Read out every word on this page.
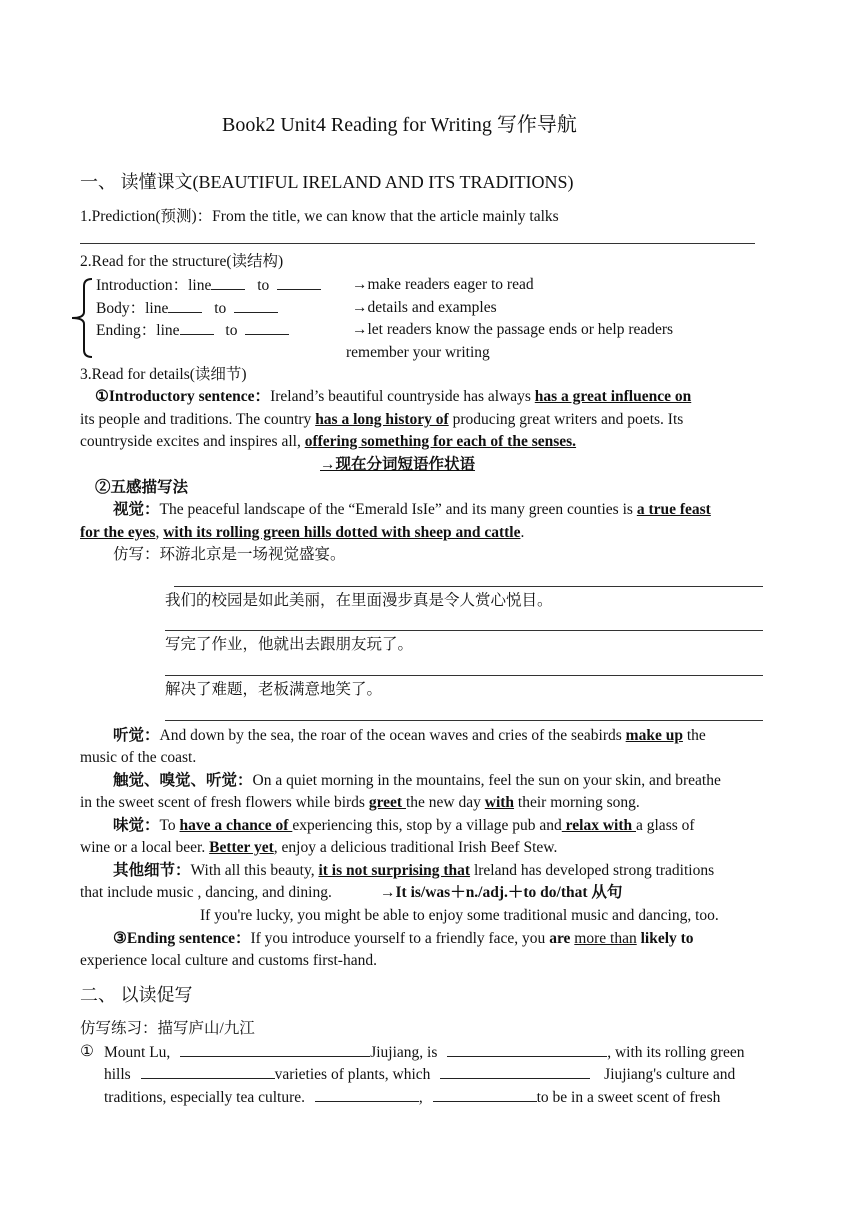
Book2 Unit4 Reading for Writing 写作导航
一、 读懂课文(BEAUTIFUL IRELAND AND ITS TRADITIONS)
1.Prediction(预测)：From the title, we can know that the article mainly talks
2.Read for the structure(读结构)
Introduction：line	to	→make readers eager to read
Body：line	to	→details and examples
Ending：line	to	→let readers know the passage ends or help readers
remember your writing
3.Read for details(读细节)
①Introductory sentence：Ireland’s beautiful countryside has always has a great influence on
its people and traditions. The country has a long history of producing great writers and poets. Its
countryside excites and inspires all, offering something for each of the senses.
→现在分词短语作状语
②五感描写法
视觉：The peaceful landscape of the “Emerald IsIe” and its many green counties is a true feast
for the eyes, with its rolling green hills dotted with sheep and cattle.
仿写：环游北京是一场视觉盛宴。
我们的校园是如此美丽，在里面漫步真是令人赏心悦目。
写完了作业，他就出去跟朋友玩了。
解决了难题，老板满意地笑了。
听觉：And down by the sea, the roar of the ocean waves and cries of the seabirds make up the
music of the coast.
触觉、嗅觉、听觉：On a quiet morning in the mountains, feel the sun on your skin, and breathe
in the sweet scent of fresh flowers while birds greet the new day with their morning song.
味觉：To have a chance of experiencing this, stop by a village pub and relax with a glass of
wine or a local beer. Better yet, enjoy a delicious traditional Irish Beef Stew.
其他细节：With all this beauty, it is not surprising that lreland has developed strong traditions
that include music , dancing, and dining.	→It is/was＋n./adj.＋to do/that 从句
If you're lucky, you might be able to enjoy some traditional music and dancing, too.
③Ending sentence：If you introduce yourself to a friendly face, you are more than likely to
experience local culture and customs first-hand.
二、 以读促写
仿写练习：描写庐山/九江
① Mount Lu,	Jiujiang, is	, with its rolling green
hills	varieties of plants, which	Jiujiang's culture and
traditions, especially tea culture.	,	to be in a sweet scent of fresh
